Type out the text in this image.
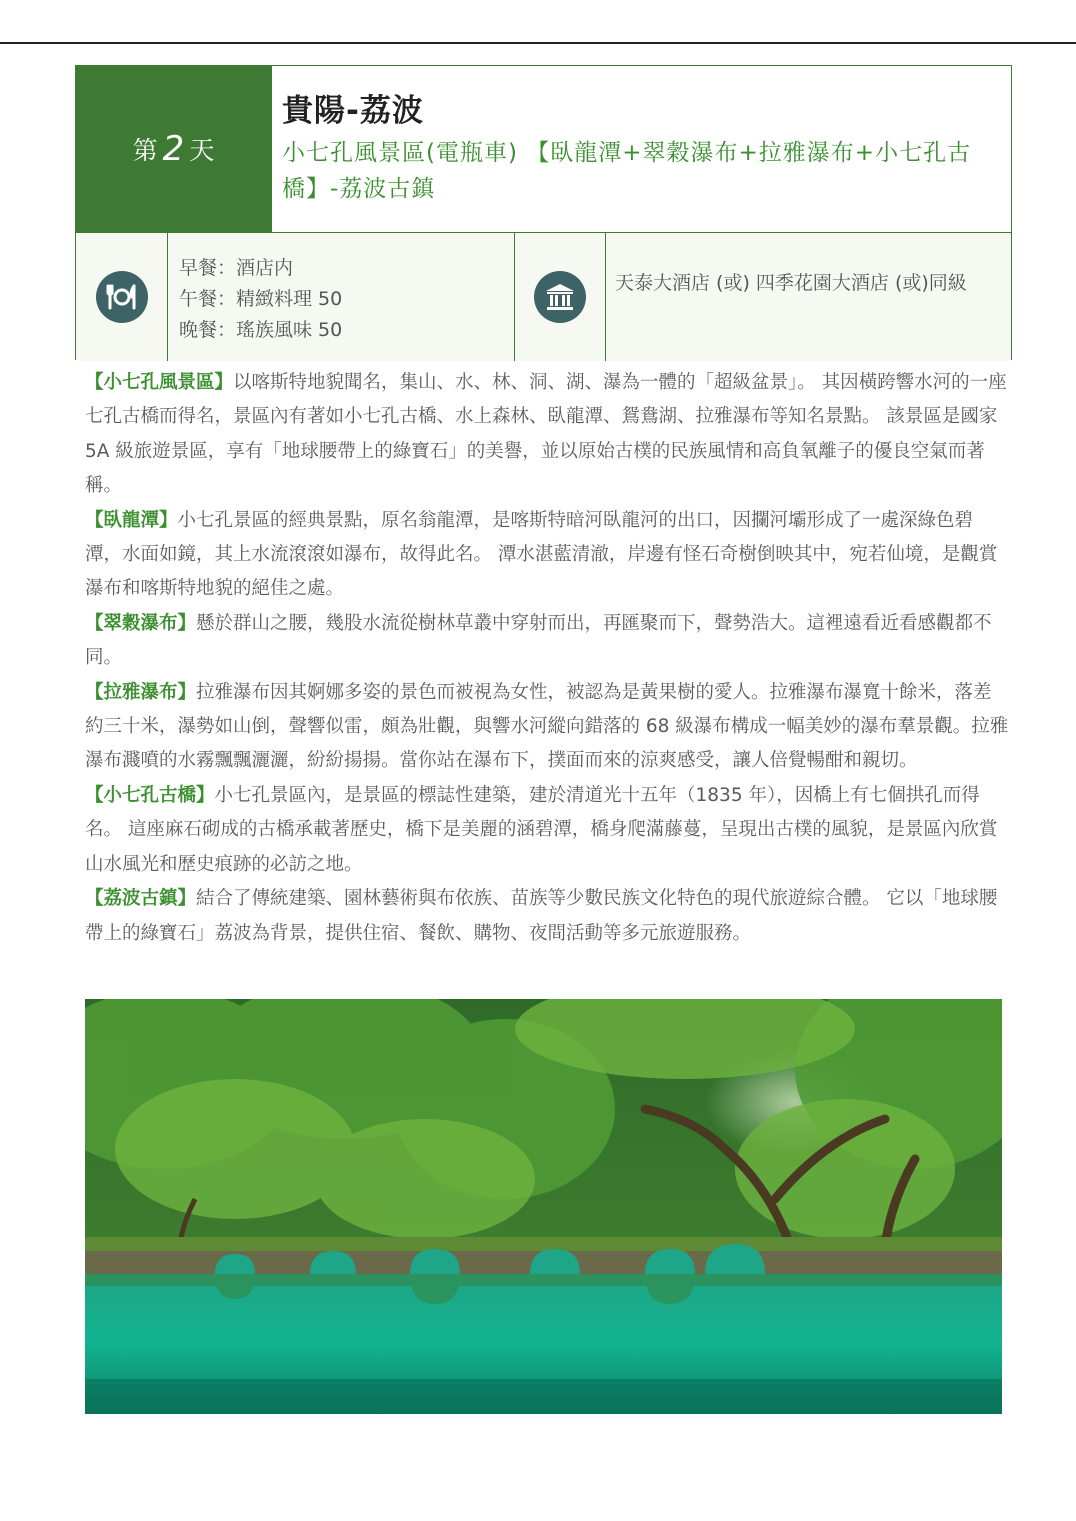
第 2 天
貴陽-荔波
小七孔風景區(電瓶車) 【臥龍潭+翠穀瀑布+拉雅瀑布+小七孔古橋】-荔波古鎮
早餐：酒店内
午餐：精緻料理 50
晚餐：瑤族風味 50
天泰大酒店 (或) 四季花園大酒店 (或)同級

【小七孔風景區】以喀斯特地貌聞名，集山、水、林、洞、湖、瀑為一體的「超級盆景」。 其因橫跨響水河的一座七孔古橋而得名，景區內有著如小七孔古橋、水上森林、臥龍潭、鴛鴦湖、拉雅瀑布等知名景點。 該景區是國家 5A 級旅遊景區，享有「地球腰帶上的綠寶石」的美譽，並以原始古樸的民族風情和高負氧離子的優良空氣而著稱。

【臥龍潭】小七孔景區的經典景點，原名翁龍潭，是喀斯特暗河臥龍河的出口，因攔河壩形成了一處深綠色碧潭，水面如鏡，其上水流滾滾如瀑布，故得此名。 潭水湛藍清澈，岸邊有怪石奇樹倒映其中，宛若仙境，是觀賞瀑布和喀斯特地貌的絕佳之處。

【翠穀瀑布】懸於群山之腰，幾股水流從樹林草叢中穿射而出，再匯聚而下，聲勢浩大。這裡遠看近看感觀都不同。

【拉雅瀑布】拉雅瀑布因其婀娜多姿的景色而被視為女性，被認為是黃果樹的愛人。拉雅瀑布瀑寬十餘米，落差約三十米，瀑勢如山倒，聲響似雷，頗為壯觀，與響水河縱向錯落的 68 級瀑布構成一幅美妙的瀑布羣景觀。拉雅瀑布濺噴的水霧飄飄灑灑，紛紛揚揚。當你站在瀑布下，撲面而來的涼爽感受，讓人倍覺暢酣和親切。

【小七孔古橋】小七孔景區內，是景區的標誌性建築，建於清道光十五年（1835 年），因橋上有七個拱孔而得名。 這座麻石砌成的古橋承載著歷史，橋下是美麗的涵碧潭，橋身爬滿藤蔓，呈現出古樸的風貌，是景區內欣賞山水風光和歷史痕跡的必訪之地。

【荔波古鎮】結合了傳統建築、園林藝術與布依族、苗族等少數民族文化特色的現代旅遊綜合體。 它以「地球腰帶上的綠寶石」荔波為背景，提供住宿、餐飲、購物、夜間活動等多元旅遊服務。
